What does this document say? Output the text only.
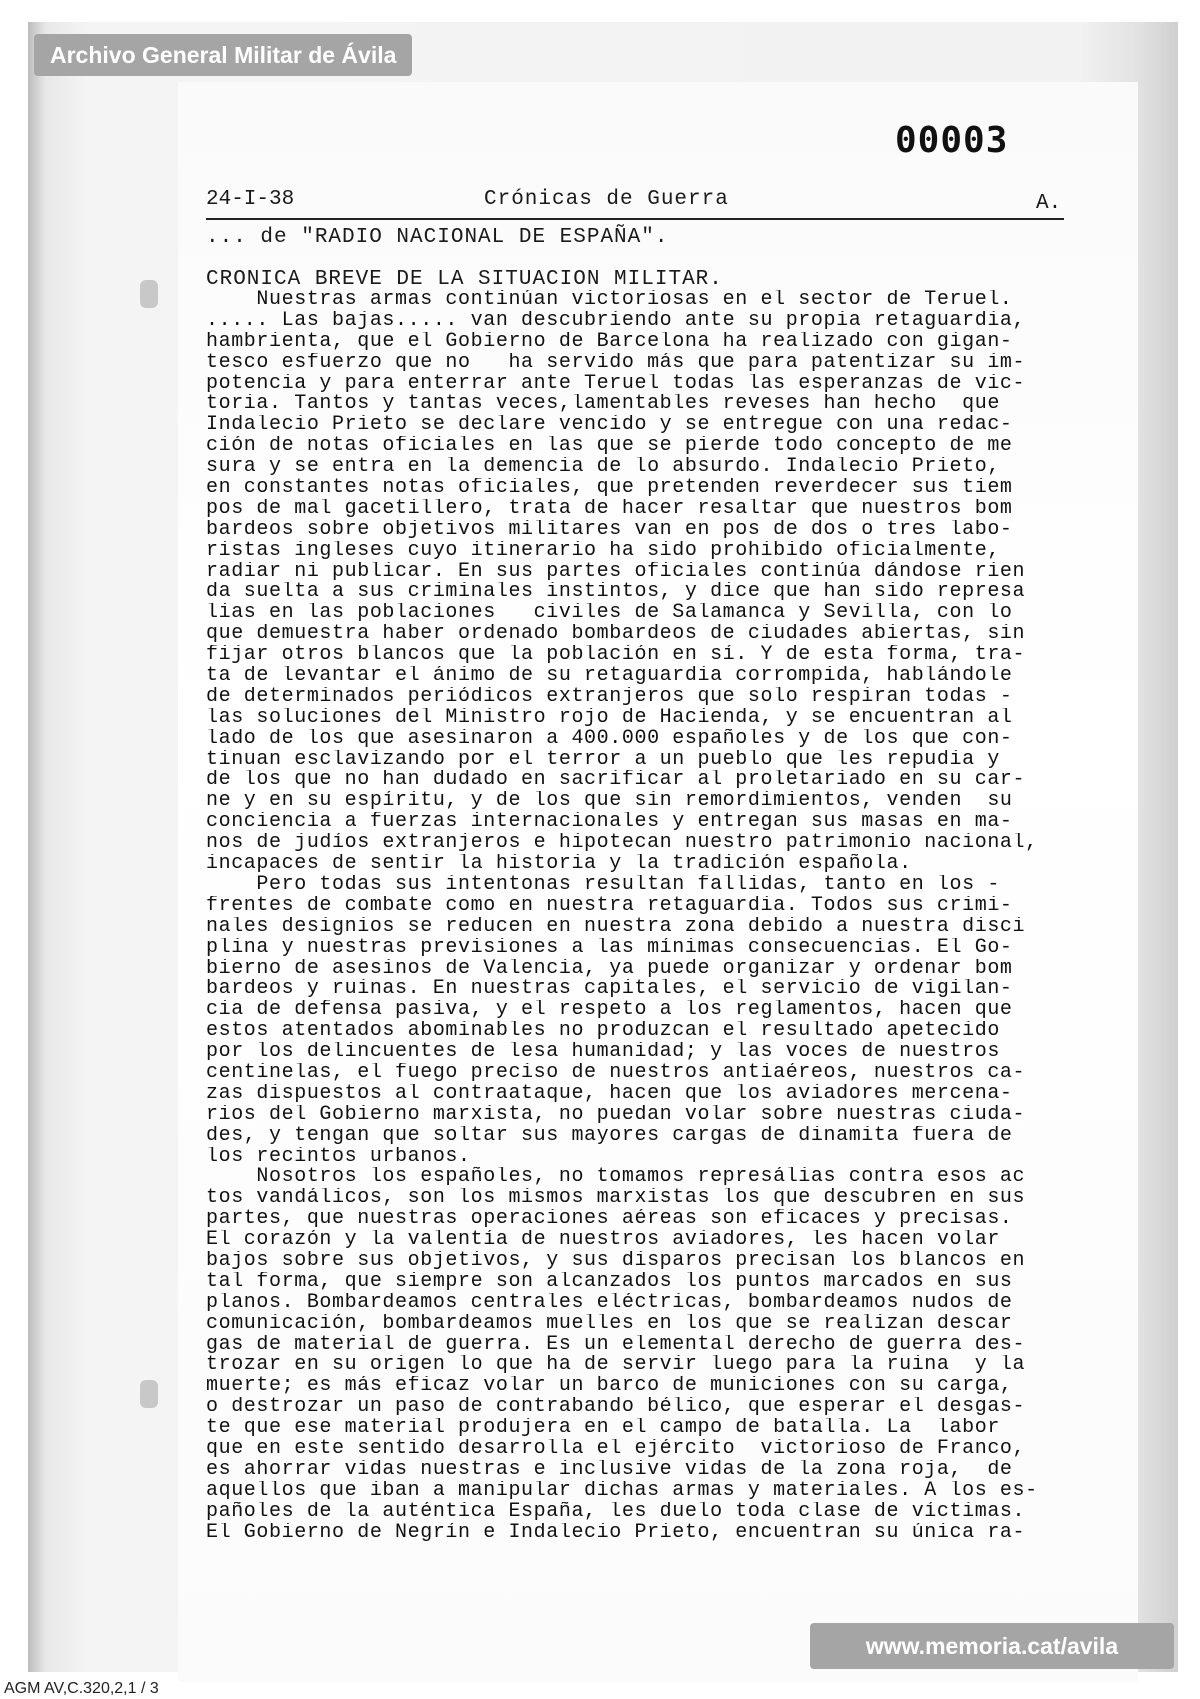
Archivo General Militar de Ávila
00003
24-I-38	Crónicas de Guerra	A.
... de "RADIO NACIONAL DE ESPAÑA".
CRONICA BREVE DE LA SITUACION MILITAR.
Nuestras armas continúan victoriosas en el sector de Teruel.
..... Las bajas..... van descubriendo ante su propia retaguardia,
hambrienta, que el Gobierno de Barcelona ha realizado con gigan-
tesco esfuerzo que no   ha servido más que para patentizar su im-
potencia y para enterrar ante Teruel todas las esperanzas de vic-
toria. Tantos y tantas veces,lamentables reveses han hecho  que
Indalecio Prieto se declare vencido y se entregue con una redac-
ción de notas oficiales en las que se pierde todo concepto de me
sura y se entra en la demencia de lo absurdo. Indalecio Prieto,
en constantes notas oficiales, que pretenden reverdecer sus tiem
pos de mal gacetillero, trata de hacer resaltar que nuestros bom
bardeos sobre objetivos militares van en pos de dos o tres labo-
ristas ingleses cuyo itinerario ha sido prohibido oficialmente,
radiar ni publicar. En sus partes oficiales continúa dándose rien
da suelta a sus criminales instintos, y dice que han sido represa
lias en las poblaciones   civiles de Salamanca y Sevilla, con lo
que demuestra haber ordenado bombardeos de ciudades abiertas, sin
fijar otros blancos que la población en sí. Y de esta forma, tra-
ta de levantar el ánimo de su retaguardia corrompida, hablándole
de determinados periódicos extranjeros que solo respiran todas -
las soluciones del Ministro rojo de Hacienda, y se encuentran al
lado de los que asesinaron a 400.000 españoles y de los que con-
tinuan esclavizando por el terror a un pueblo que les repudia y
de los que no han dudado en sacrificar al proletariado en su car-
ne y en su espíritu, y de los que sin remordimientos, venden  su
conciencia a fuerzas internacionales y entregan sus masas en ma-
nos de judíos extranjeros e hipotecan nuestro patrimonio nacional,
incapaces de sentir la historia y la tradición española.
Pero todas sus intentonas resultan fallidas, tanto en los -
frentes de combate como en nuestra retaguardia. Todos sus crimi-
nales designios se reducen en nuestra zona debido a nuestra disci
plina y nuestras previsiones a las mínimas consecuencias. El Go-
bierno de asesinos de Valencia, ya puede organizar y ordenar bom
bardeos y ruinas. En nuestras capitales, el servicio de vigilan-
cia de defensa pasiva, y el respeto a los reglamentos, hacen que
estos atentados abominables no produzcan el resultado apetecido
por los delincuentes de lesa humanidad; y las voces de nuestros
centinelas, el fuego preciso de nuestros antiaéreos, nuestros ca-
zas dispuestos al contraataque, hacen que los aviadores mercena-
rios del Gobierno marxista, no puedan volar sobre nuestras ciuda-
des, y tengan que soltar sus mayores cargas de dinamita fuera de
los recintos urbanos.
Nosotros los españoles, no tomamos represálias contra esos ac
tos vandálicos, son los mismos marxistas los que descubren en sus
partes, que nuestras operaciones aéreas son eficaces y precisas.
El corazón y la valentía de nuestros aviadores, les hacen volar
bajos sobre sus objetivos, y sus disparos precisan los blancos en
tal forma, que siempre son alcanzados los puntos marcados en sus
planos. Bombardeamos centrales eléctricas, bombardeamos nudos de
comunicación, bombardeamos muelles en los que se realizan descar
gas de material de guerra. Es un elemental derecho de guerra des-
trozar en su origen lo que ha de servir luego para la ruina  y la
muerte; es más eficaz volar un barco de municiones con su carga,
o destrozar un paso de contrabando bélico, que esperar el desgas-
te que ese material produjera en el campo de batalla. La  labor
que en este sentido desarrolla el ejército  victorioso de Franco,
es ahorrar vidas nuestras e inclusive vidas de la zona roja,  de
aquellos que iban a manipular dichas armas y materiales. A los es-
pañoles de la auténtica España, les duelo toda clase de víctimas.
El Gobierno de Negrín e Indalecio Prieto, encuentran su única ra-
www.memoria.cat/avila
AGM AV,C.320,2,1 / 3
